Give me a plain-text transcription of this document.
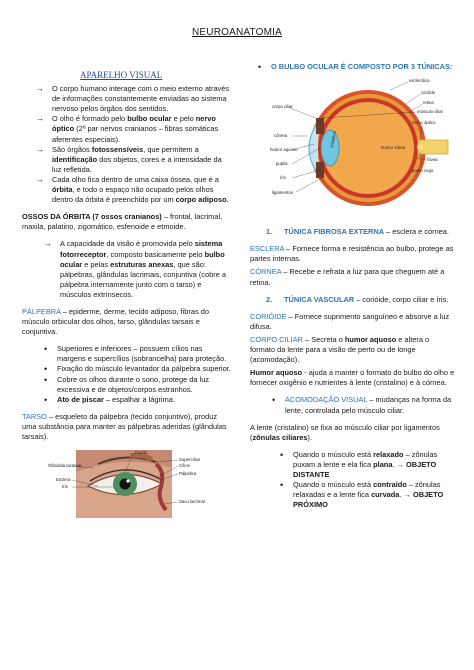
NEUROANATOMIA
APARELHO VISUAL
→ O corpo humano interage com o meio externo através de informações constantemente enviadas ao sistema nervoso pelos órgãos dos sentidos.
→ O olho é formado pelo bulbo ocular e pelo nervo óptico (2º par nervos cranianos – fibras somáticas aferentes especiais).
→ São órgãos fotossensíveis, que permitem a identificação dos objetos, cores e a intensidade da luz refletida.
→ Cada olho fica dentro de uma caixa óssea, que é a órbita, e todo o espaço não ocupado pelos olhos dentro da órbita é preenchido por um corpo adiposo.
OSSOS DA ÓRBITA (7 ossos cranianos) – frontal, lacrimal, maxila, palatino, zigomático, esfenoide e etmoide.
→ A capacidade da visão é promovida pelo sistema fotorreceptor, composto basicamente pelo bulbo ocular e pelas estruturas anexas, que são: pálpebras, glândulas lacrimais, conjuntiva (cobre a pálpebra internamente junto com o tarso) e músculos extrínsecos.
PÁLPEBRA – epiderme, derme, tecido adiposo, fibras do músculo orbicular dos olhos, tarso, glândulas tarsais e conjuntiva.
• Superiores e inferiores – possuem cílios nas margens e supercílios (sobrancelha) para proteção.
• Fixação do músculo levantador da pálpebra superior.
• Cobre os olhos durante o sono, protege da luz excessiva e de objetos/corpos estranhos.
• Ato de piscar – espalhar a lágrima.
TARSO – esqueleto da pálpebra (tecido conjuntivo), produz uma substância para manter as pálpebras aderidas (glândulas tarsais).
Pupila
Supercílios
Cílios
Pálpebra
Glândula lacrimal
Esclera
Íris
Saco lacrimal
• O BULBO OCULAR É COMPOSTO POR 3 TÚNICAS:
humor vítreo
esclerótica
coróide
retina
músculo ciliar
corpo ciliar
córnea
humor aquoso
pupila
cristalino
íris
nervo óptico
ligamentos
ponto cego
fóvea
1. TÚNICA FIBROSA EXTERNA – esclera e córnea.
ESCLERA – Fornece forma e resistência ao bulbo, protege as partes internas.
CÓRNEA – Recebe e refrata a luz para que cheguem até a retina.
2. TÚNICA VASCULAR – corióide, corpo ciliar e íris.
CORIÓIDE – Fornece suprimento sanguíneo e absorve a luz difusa.
CORPO CILIAR – Secreta o humor aquoso e altera o formato da lente para a visão de perto ou de longe (acomodação).
Humor aquoso - ajuda a manter o formato do bulbo do olho e fornecer oxigênio e nutrientes à lente (cristalino) e à córnea.
• ACOMODAÇÃO VISUAL – mudanças na forma da lente, controlada pelo músculo ciliar.
A lente (cristalino) se fixa ao músculo ciliar por ligamentos (zônulas ciliares).
• Quando o músculo está relaxado – zônulas puxam a lente e ela fica plana. → OBJETO DISTANTE
• Quando o músculo está contraído – zônulas relaxadas e a lente fica curvada. → OBJETO PRÓXIMO
